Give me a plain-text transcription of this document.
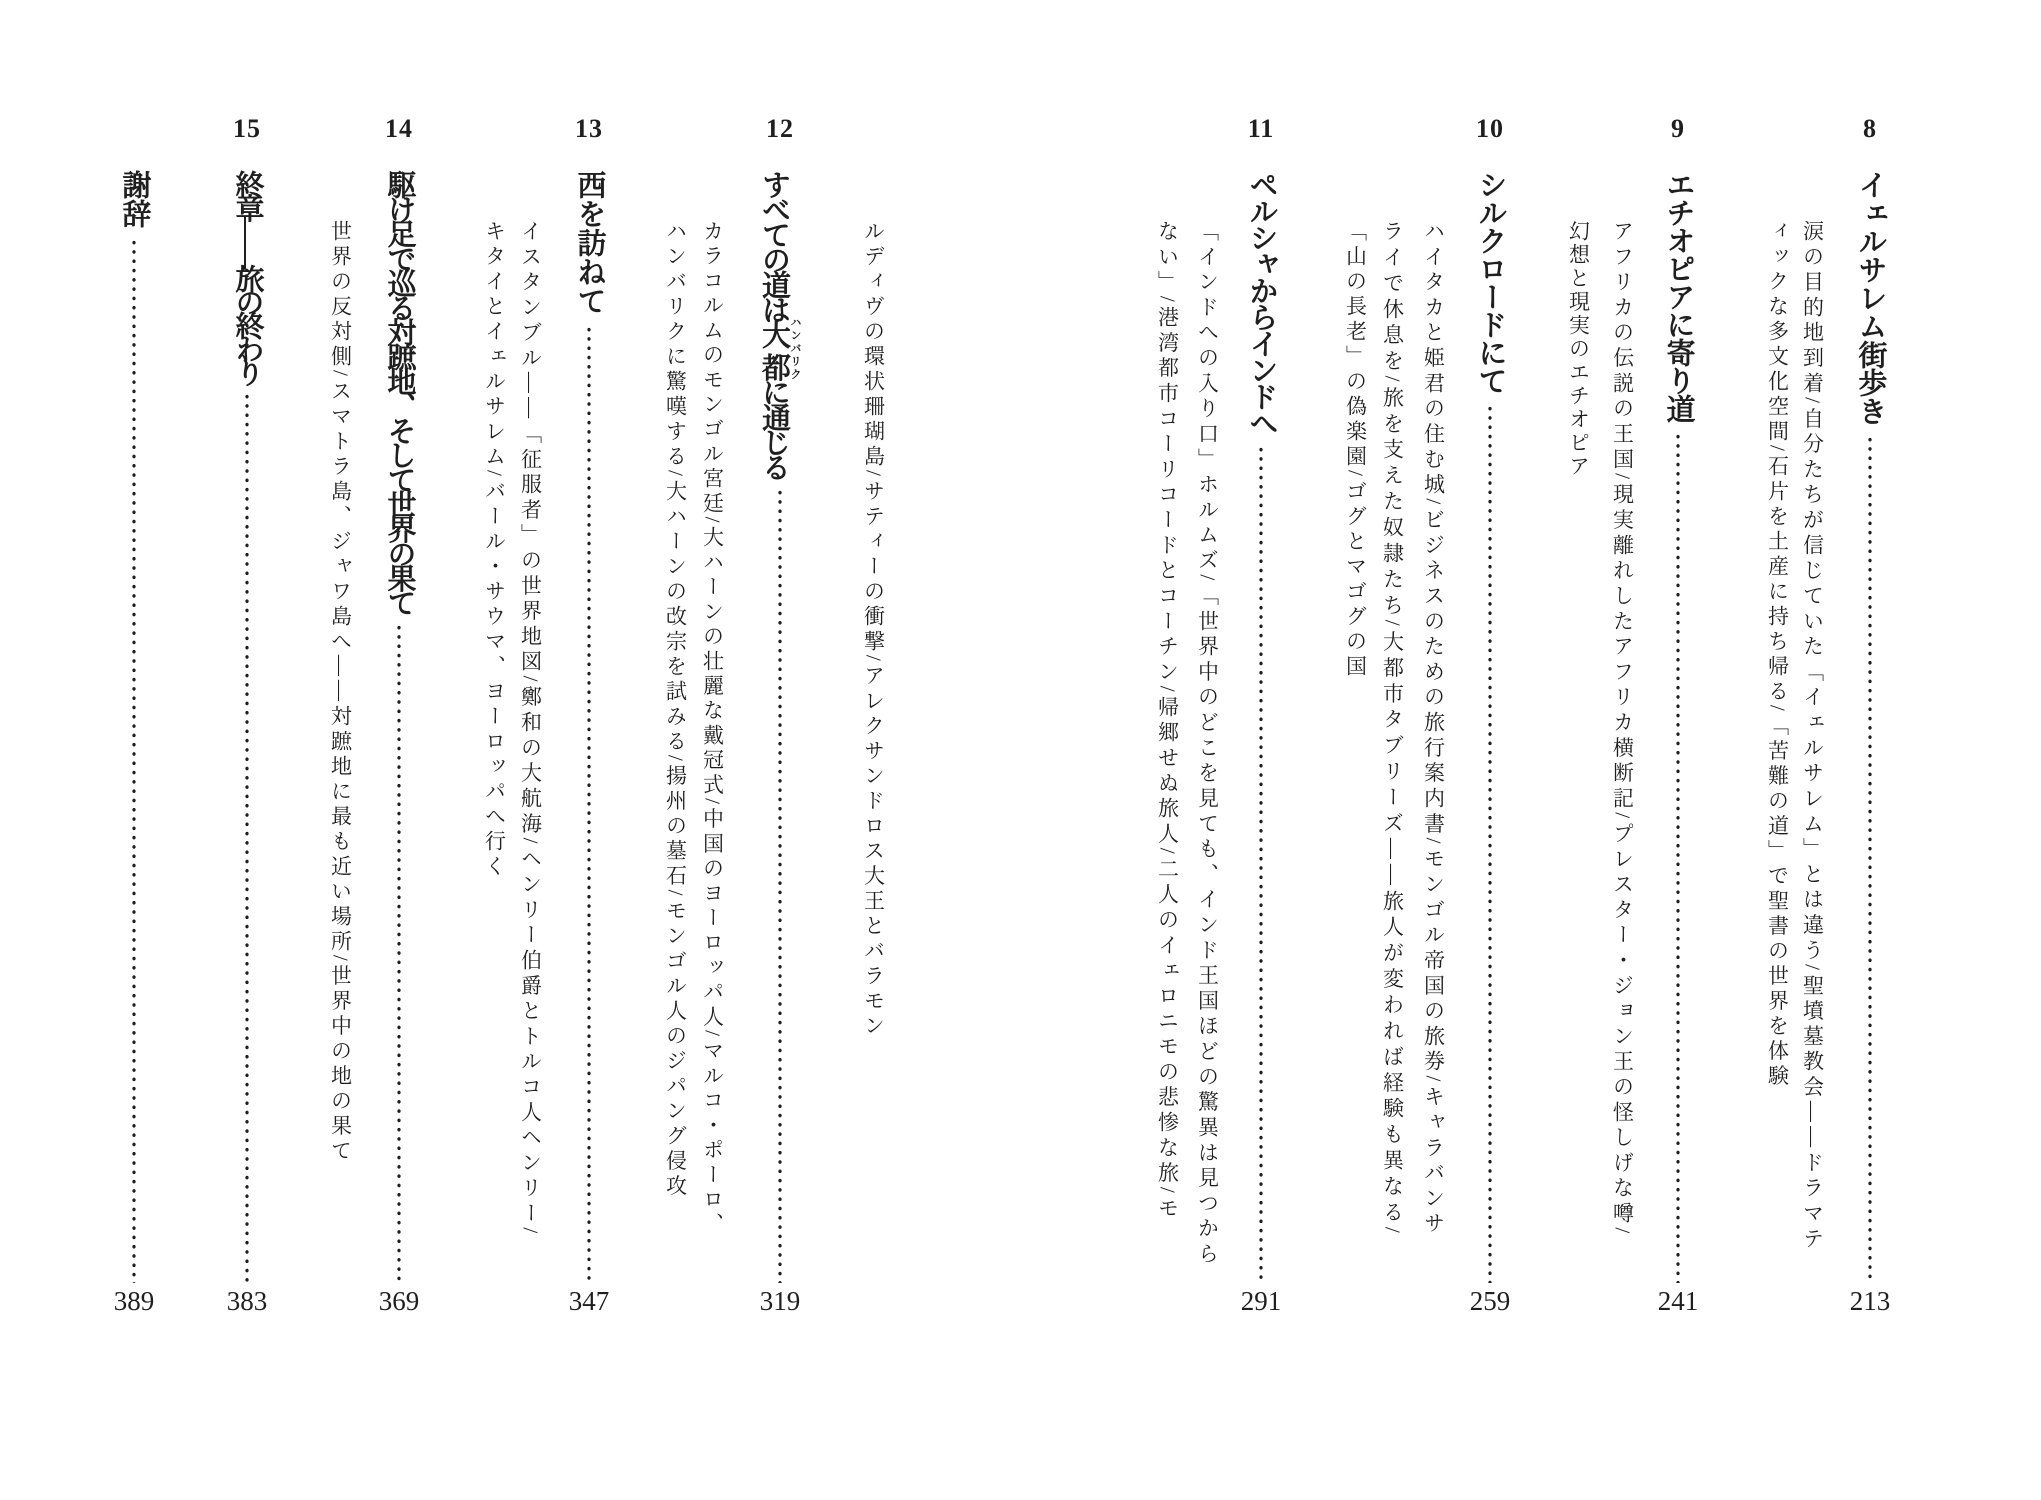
8
イェルサレム街歩き
213
涙の目的地到着/自分たちが信じていた「イェルサレム」とは違う/聖墳墓教会――ドラマテ
ィックな多文化空間/石片を土産に持ち帰る/「苦難の道」で聖書の世界を体験
9
エチオピアに寄り道
241
アフリカの伝説の王国/現実離れしたアフリカ横断記/プレスター・ジョン王の怪しげな噂/
幻想と現実のエチオピア
10
シルクロードにて
259
ハイタカと姫君の住む城/ビジネスのための旅行案内書/モンゴル帝国の旅券/キャラバンサ
ライで休息を/旅を支えた奴隷たち/大都市タブリーズ――旅人が変われば経験も異なる/
「山の長老」の偽楽園/ゴグとマゴグの国
11
ペルシャからインドへ
291
「インドへの入り口」ホルムズ/「世界中のどこを見ても、インド王国ほどの驚異は見つから
ない」/港湾都市コーリコードとコーチン/帰郷せぬ旅人/二人のイェロニモの悲惨な旅/モ
ルディヴの環状珊瑚島/サティーの衝撃/アレクサンドロス大王とバラモン
12
すべての道は大都 ハンバリクに通じる
319
カラコルムのモンゴル宮廷/大ハーンの壮麗な戴冠式/中国のヨーロッパ人/マルコ・ポーロ、
ハンバリクに驚嘆する/大ハーンの改宗を試みる/揚州の墓石/モンゴル人のジパング侵攻
13
西を訪ねて
347
イスタンブル――「征服者」の世界地図/鄭和の大航海/ヘンリー伯爵とトルコ人ヘンリー/
キタイとイェルサレム/バール・サウマ、ヨーロッパへ行く
14
駆け足で巡る対蹠地、そして世界の果て
369
世界の反対側/スマトラ島、ジャワ島へ――対蹠地に最も近い場所/世界中の地の果て
15
終章――旅の終わり
383
謝辞
389
